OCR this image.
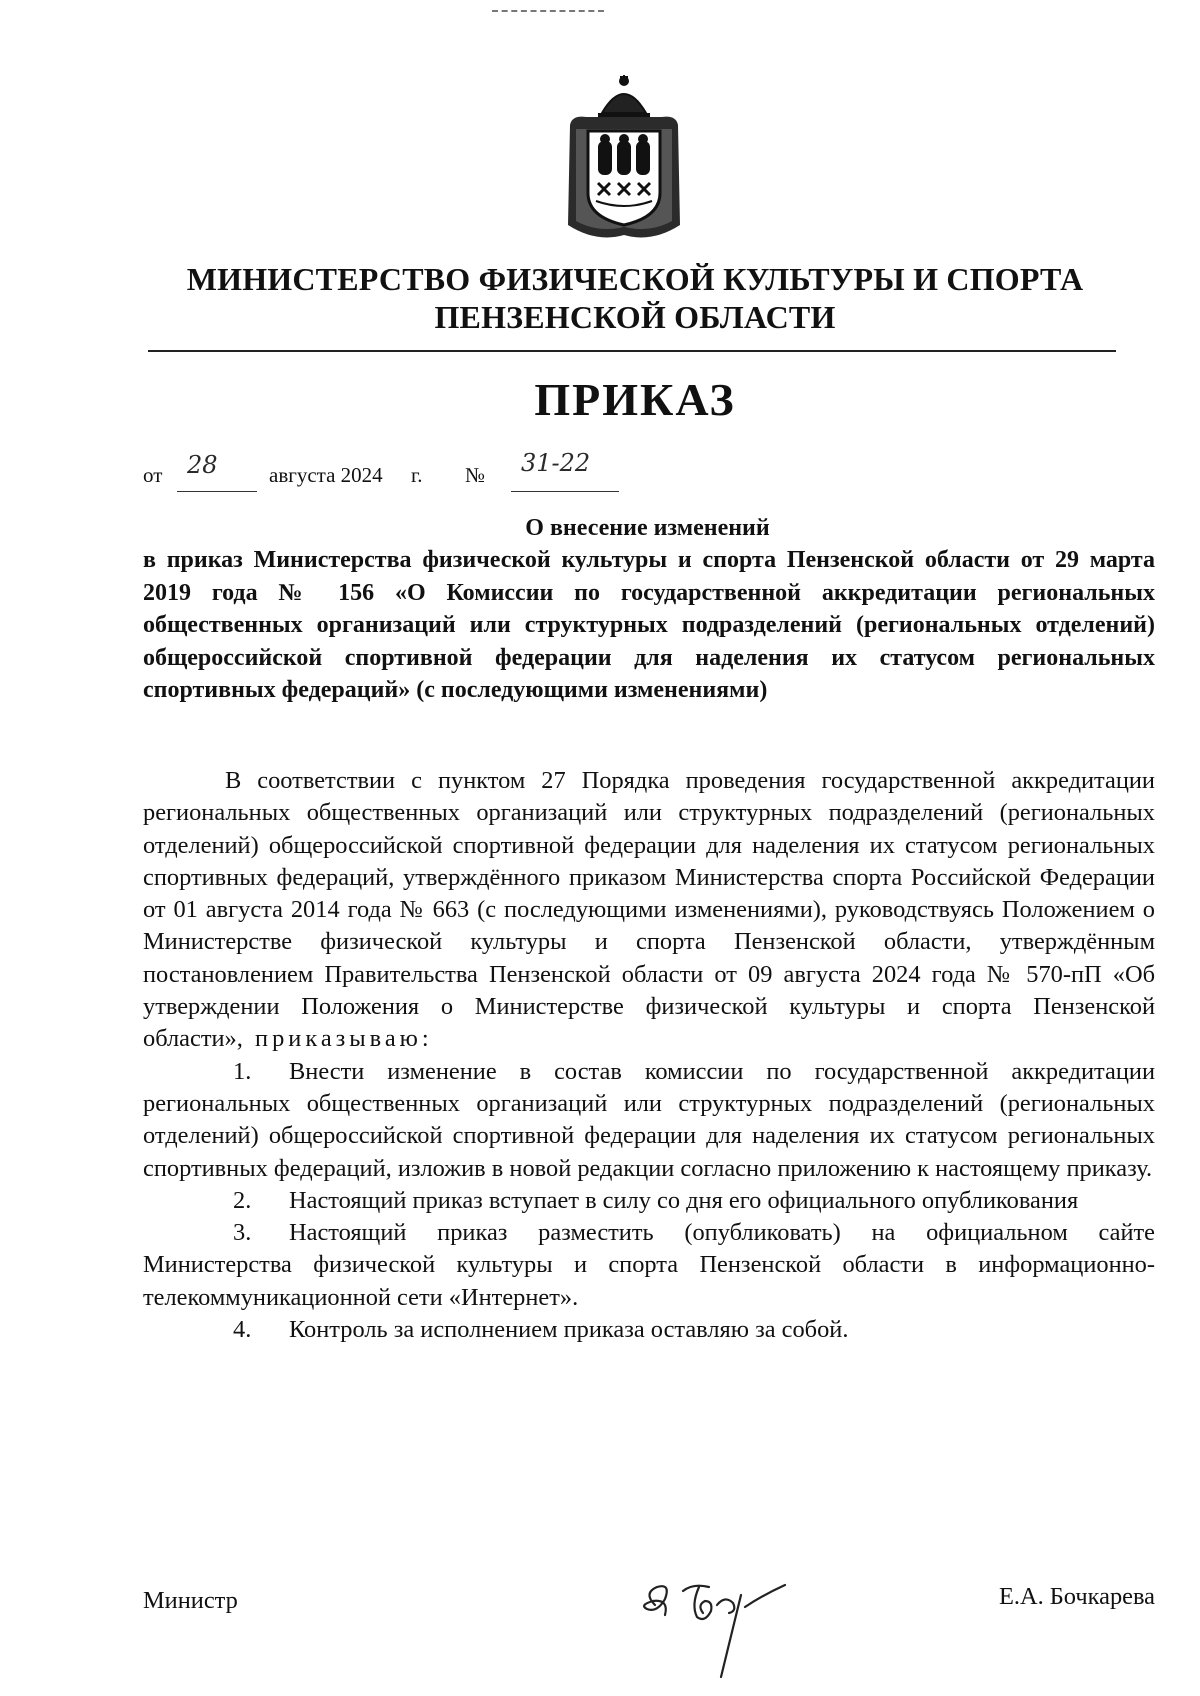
МИНИСТЕРСТВО ФИЗИЧЕСКОЙ КУЛЬТУРЫ И СПОРТА
ПЕНЗЕНСКОЙ ОБЛАСТИ
ПРИКАЗ
от 28 августа 2024 г. № 31-22
О внесение изменений
в приказ Министерства физической культуры и спорта Пензенской области от 29 марта 2019 года № 156 «О Комиссии по государственной аккредитации региональных общественных организаций или структурных подразделений (региональных отделений) общероссийской спортивной федерации для наделения их статусом региональных спортивных федераций» (с последующими изменениями)

В соответствии с пунктом 27 Порядка проведения государственной аккредитации региональных общественных организаций или структурных подразделений (региональных отделений) общероссийской спортивной федерации для наделения их статусом региональных спортивных федераций, утверждённого приказом Министерства спорта Российской Федерации от 01 августа 2014 года № 663 (с последующими изменениями), руководствуясь Положением о Министерстве физической культуры и спорта Пензенской области, утверждённым постановлением Правительства Пензенской области от 09 августа 2024 года № 570-пП «Об утверждении Положения о Министерстве физической культуры и спорта Пензенской области», приказываю:

1. Внести изменение в состав комиссии по государственной аккредитации региональных общественных организаций или структурных подразделений (региональных отделений) общероссийской спортивной федерации для наделения их статусом региональных спортивных федераций, изложив в новой редакции согласно приложению к настоящему приказу.

2. Настоящий приказ вступает в силу со дня его официального опубликования

3. Настоящий приказ разместить (опубликовать) на официальном сайте Министерства физической культуры и спорта Пензенской области в информационно-телекоммуникационной сети «Интернет».

4. Контроль за исполнением приказа оставляю за собой.

Министр	Е.А. Бочкарева
